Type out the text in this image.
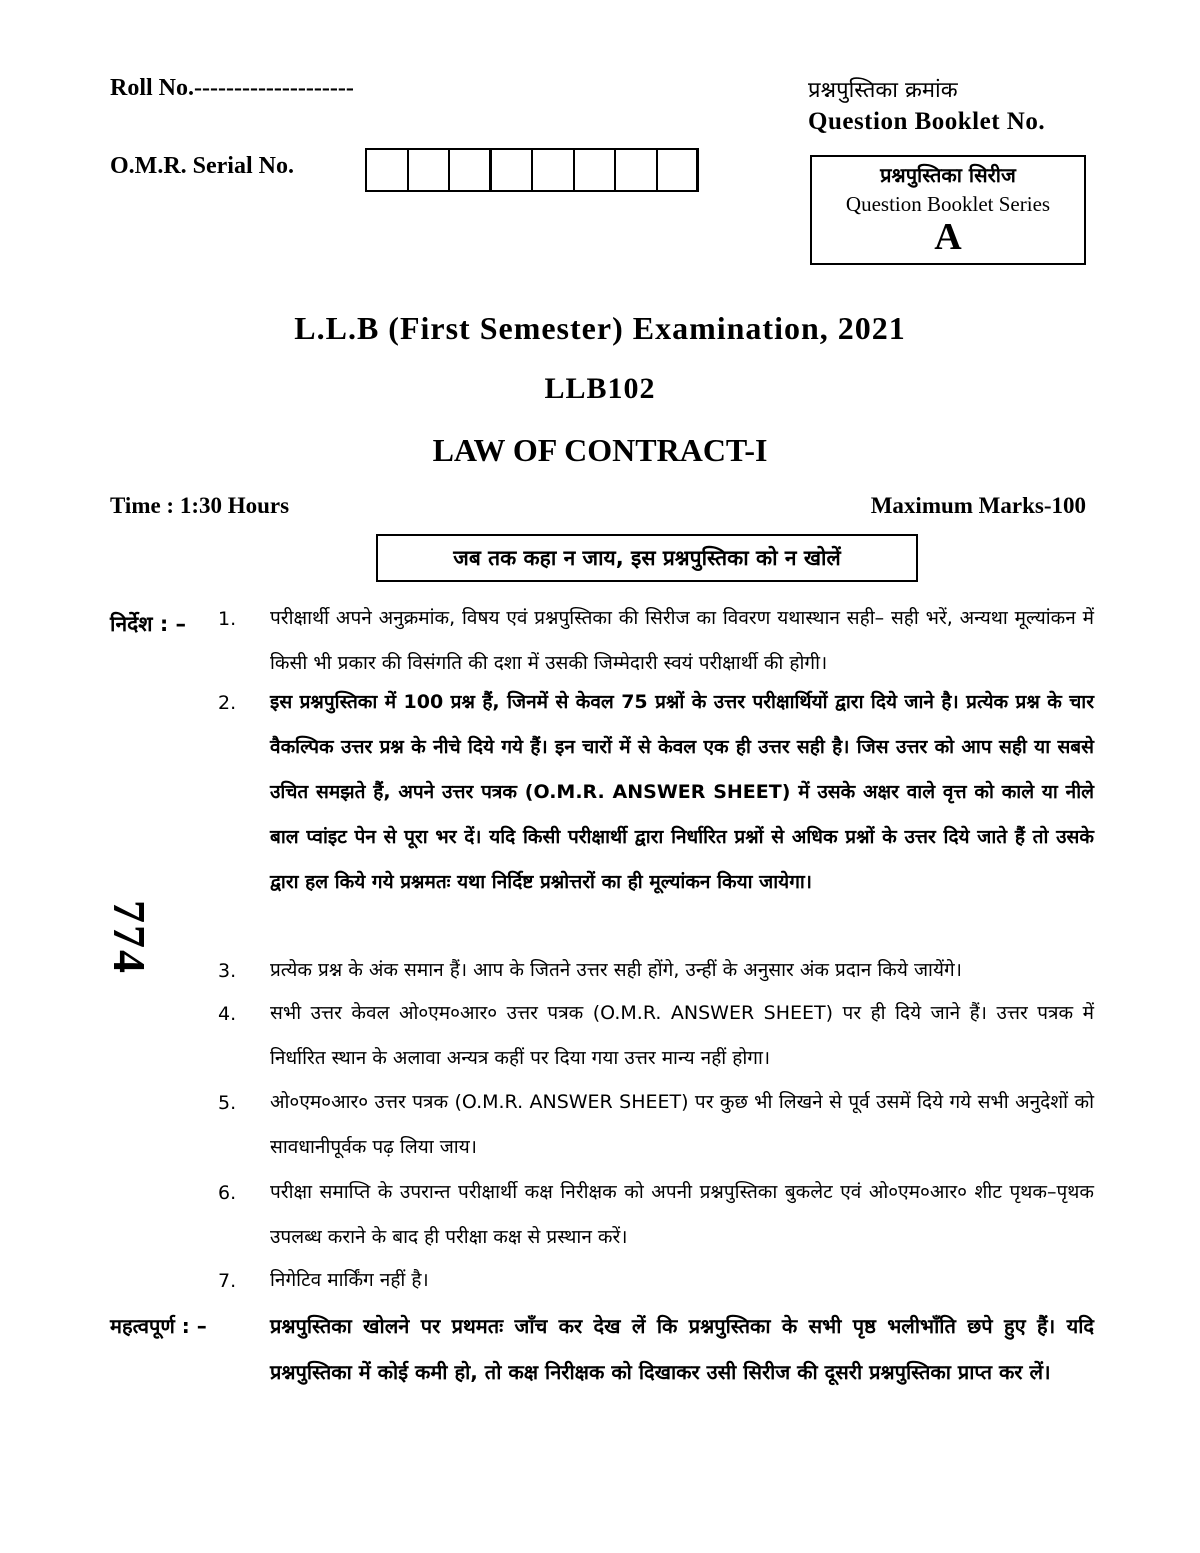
Roll No.--------------------
O.M.R. Serial No.
प्रश्नपुस्तिका क्रमांक
Question Booklet No.
प्रश्नपुस्तिका सिरीज
Question Booklet Series
A
L.L.B (First Semester) Examination, 2021
LLB102
LAW OF CONTRACT-I
Time : 1:30 Hours	Maximum Marks-100
जब तक कहा न जाय, इस प्रश्नपुस्तिका को न खोलें
774
निर्देश : – 1.	परीक्षार्थी अपने अनुक्रमांक, विषय एवं प्रश्नपुस्तिका की सिरीज का विवरण यथास्थान सही– सही भरें, अन्यथा मूल्यांकन में किसी भी प्रकार की विसंगति की दशा में उसकी जिम्मेदारी स्वयं परीक्षार्थी की होगी।
2.	इस प्रश्नपुस्तिका में 100 प्रश्न हैं, जिनमें से केवल 75 प्रश्नों के उत्तर परीक्षार्थियों द्वारा दिये जाने है। प्रत्येक प्रश्न के चार वैकल्पिक उत्तर प्रश्न के नीचे दिये गये हैं। इन चारों में से केवल एक ही उत्तर सही है। जिस उत्तर को आप सही या सबसे उचित समझते हैं, अपने उत्तर पत्रक (O.M.R. ANSWER SHEET) में उसके अक्षर वाले वृत्त को काले या नीले बाल प्वांइट पेन से पूरा भर दें। यदि किसी परीक्षार्थी द्वारा निर्धारित प्रश्नों से अधिक प्रश्नों के उत्तर दिये जाते हैं तो उसके द्वारा हल किये गये प्रश्नमतः यथा निर्दिष्ट प्रश्नोत्तरों का ही मूल्यांकन किया जायेगा।
3.	प्रत्येक प्रश्न के अंक समान हैं। आप के जितने उत्तर सही होंगे, उन्हीं के अनुसार अंक प्रदान किये जायेंगे।
4.	सभी उत्तर केवल ओ०एम०आर० उत्तर पत्रक (O.M.R. ANSWER SHEET) पर ही दिये जाने हैं। उत्तर पत्रक में निर्धारित स्थान के अलावा अन्यत्र कहीं पर दिया गया उत्तर मान्य नहीं होगा।
5.	ओ०एम०आर० उत्तर पत्रक (O.M.R. ANSWER SHEET) पर कुछ भी लिखने से पूर्व उसमें दिये गये सभी अनुदेशों को सावधानीपूर्वक पढ़ लिया जाय।
6.	परीक्षा समाप्ति के उपरान्त परीक्षार्थी कक्ष निरीक्षक को अपनी प्रश्नपुस्तिका बुकलेट एवं ओ०एम०आर० शीट पृथक–पृथक उपलब्ध कराने के बाद ही परीक्षा कक्ष से प्रस्थान करें।
7.	निगेटिव मार्किंग नहीं है।
महत्वपूर्ण : –	प्रश्नपुस्तिका खोलने पर प्रथमतः जाँच कर देख लें कि प्रश्नपुस्तिका के सभी पृष्ठ भलीभाँति छपे हुए हैं। यदि प्रश्नपुस्तिका में कोई कमी हो, तो कक्ष निरीक्षक को दिखाकर उसी सिरीज की दूसरी प्रश्नपुस्तिका प्राप्त कर लें।
